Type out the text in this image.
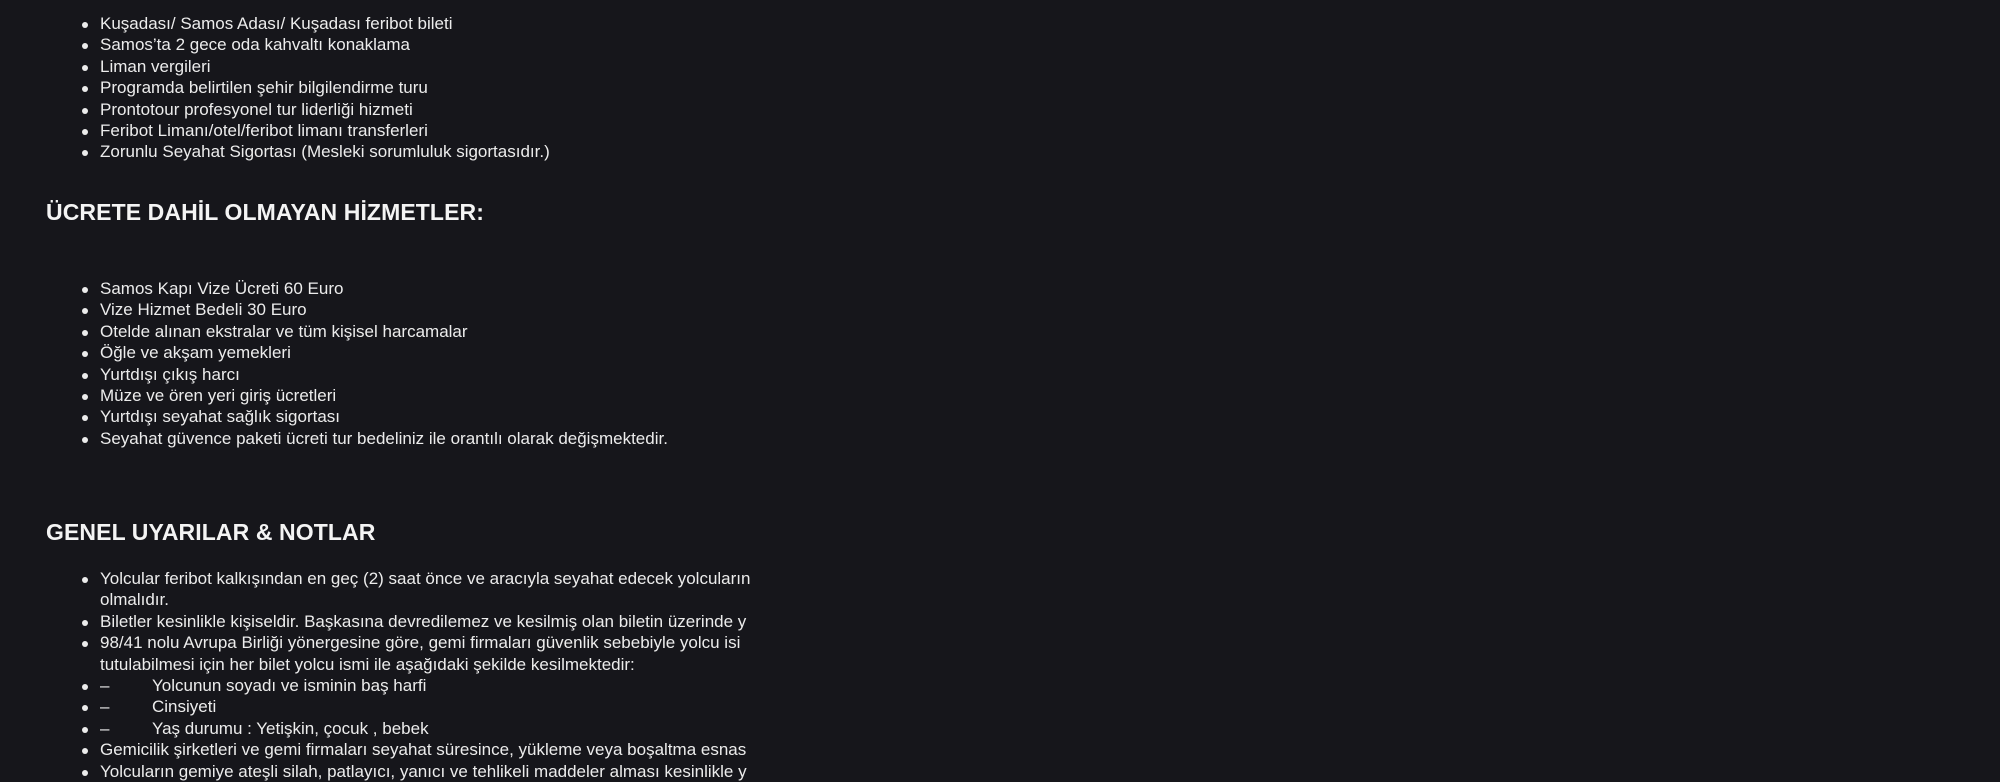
Kuşadası/ Samos Adası/ Kuşadası feribot bileti
Samos’ta 2 gece oda kahvaltı konaklama
Liman vergileri
Programda belirtilen şehir bilgilendirme turu
Prontotour profesyonel tur liderliği hizmeti
Feribot Limanı/otel/feribot limanı transferleri
Zorunlu Seyahat Sigortası (Mesleki sorumluluk sigortasıdır.)
ÜCRETE DAHİL OLMAYAN HİZMETLER:
Samos Kapı Vize Ücreti 60 Euro
Vize Hizmet Bedeli 30 Euro
Otelde alınan ekstralar ve tüm kişisel harcamalar
Öğle ve akşam yemekleri
Yurtdışı çıkış harcı
Müze ve ören yeri giriş ücretleri
Yurtdışı seyahat sağlık sigortası
Seyahat güvence paketi ücreti tur bedeliniz ile orantılı olarak değişmektedir.
GENEL UYARILAR & NOTLAR
Yolcular feribot kalkışından en geç (2) saat önce ve aracıyla seyahat edecek yolcuların
olmalıdır.
Biletler kesinlikle kişiseldir. Başkasına devredilemez ve kesilmiş olan biletin üzerinde y
98/41 nolu Avrupa Birliği yönergesine göre, gemi firmaları güvenlik sebebiyle yolcu isi
tutulabilmesi için her bilet yolcu ismi ile aşağıdaki şekilde kesilmektedir:
–	Yolcunun soyadı ve isminin baş harfi
–	Cinsiyeti
–	Yaş durumu : Yetişkin, çocuk , bebek
Gemicilik şirketleri ve gemi firmaları seyahat süresince, yükleme veya boşaltma esnas
Yolcuların gemiye ateşli silah, patlayıcı, yanıcı ve tehlikeli maddeler alması kesinlikle y
